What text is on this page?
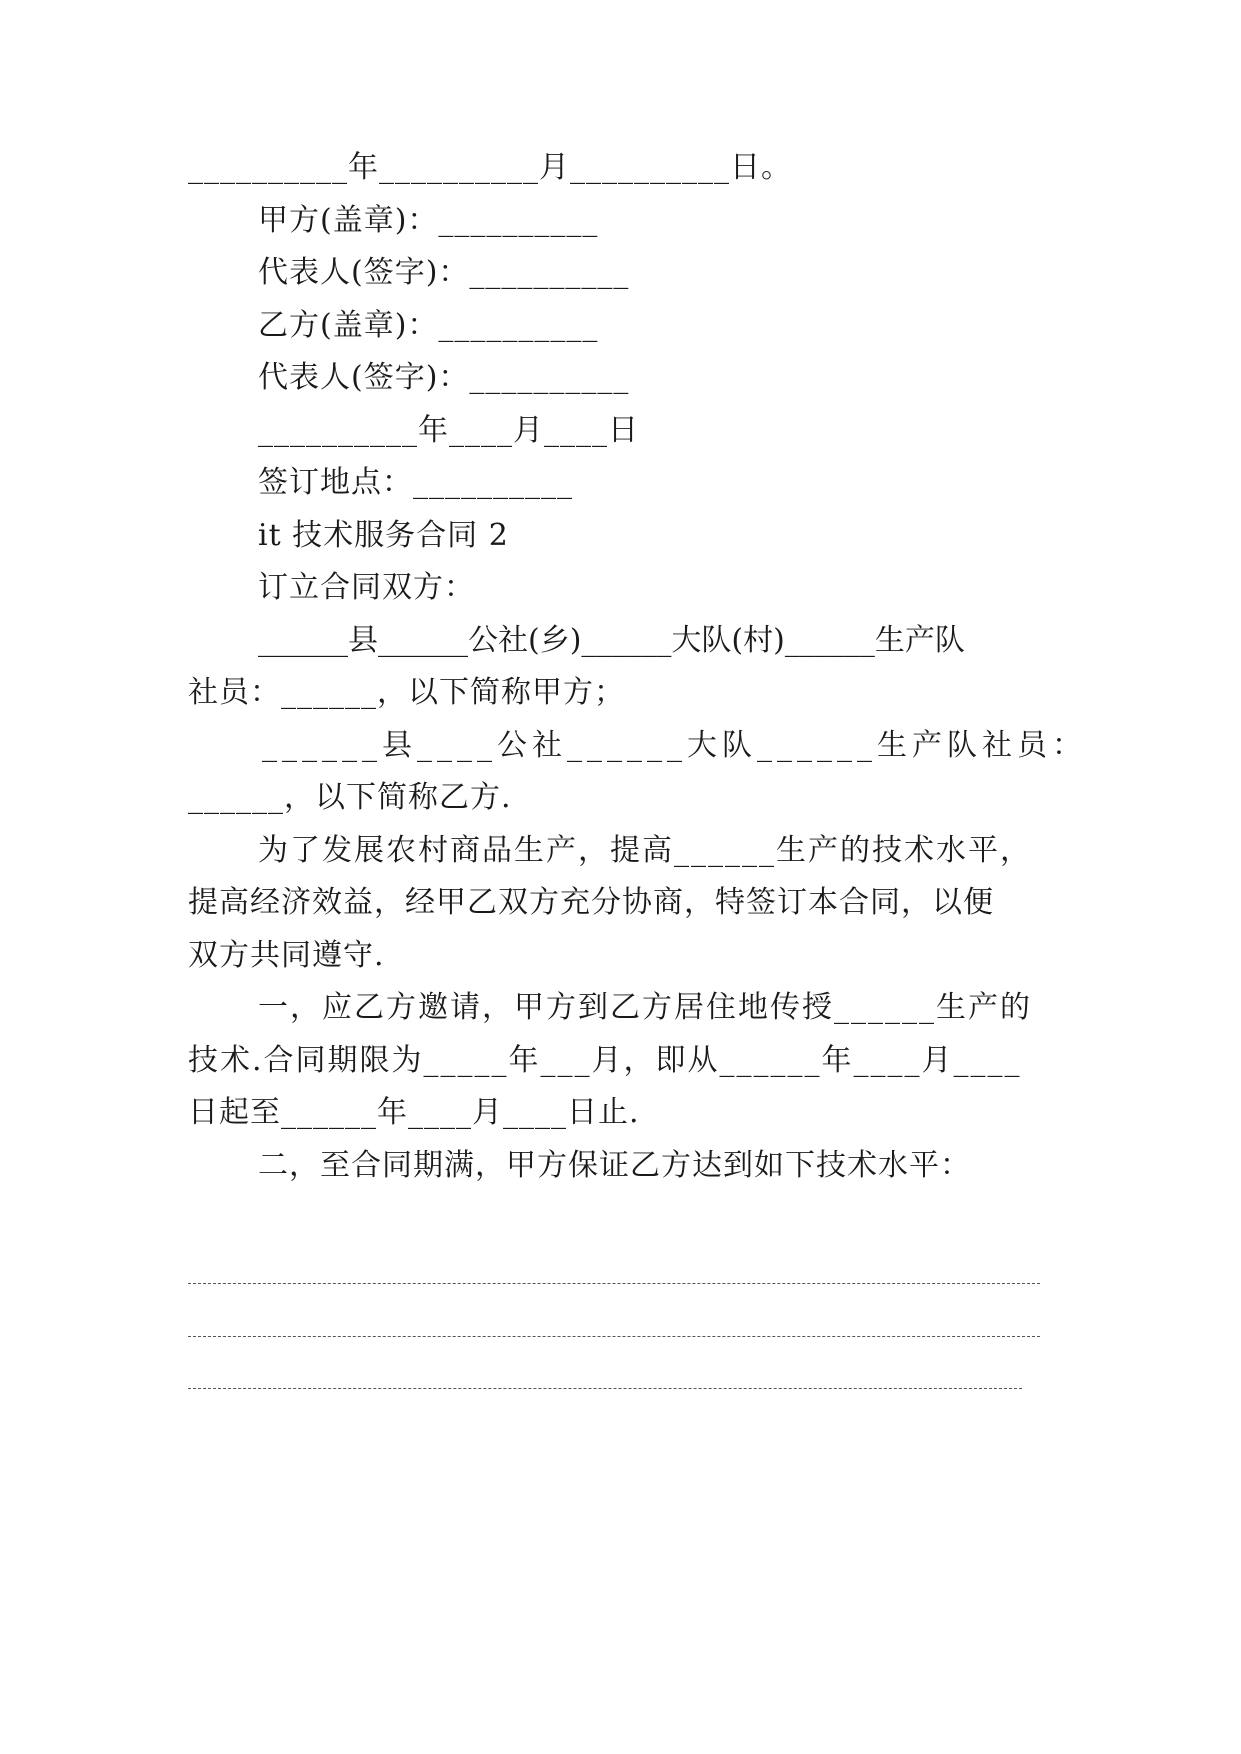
__________年__________月__________日。
甲方(盖章)：__________
代表人(签字)：__________
乙方(盖章)：__________
代表人(签字)：__________
__________年____月____日
签订地点：__________
it 技术服务合同 2
订立合同双方：
______县______公社(乡)______大队(村)______生产队
社员：______，以下简称甲方；
______县____公社______大队______生产队社员：
______，以下简称乙方.
为了发展农村商品生产，提高______生产的技术水平，
提高经济效益，经甲乙双方充分协商，特签订本合同，以便
双方共同遵守.
一，应乙方邀请，甲方到乙方居住地传授______生产的
技术.合同期限为_____年___月，即从______年____月____
日起至______年____月____日止.
二，至合同期满，甲方保证乙方达到如下技术水平：
